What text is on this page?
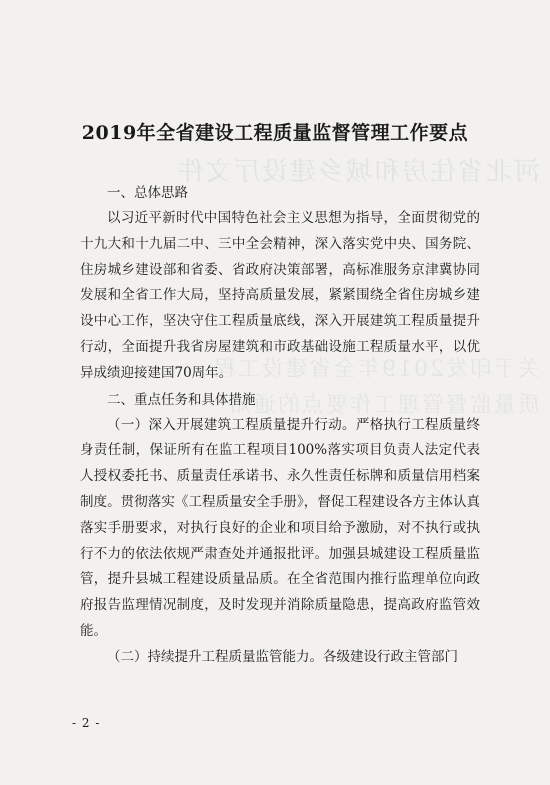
河北省住房和城乡建设厅文件
关于印发2019年全省建设工程
质量监督管理工作要点的通知
2019年全省建设工程质量监督管理工作要点
一、总体思路

以习近平新时代中国特色社会主义思想为指导，全面贯彻党的十九大和十九届二中、三中全会精神，深入落实党中央、国务院、住房城乡建设部和省委、省政府决策部署，高标准服务京津冀协同发展和全省工作大局，坚持高质量发展，紧紧围绕全省住房城乡建设中心工作，坚决守住工程质量底线，深入开展建筑工程质量提升行动，全面提升我省房屋建筑和市政基础设施工程质量水平，以优异成绩迎接建国70周年。

二、重点任务和具体措施

（一）深入开展建筑工程质量提升行动。严格执行工程质量终身责任制，保证所有在监工程项目100%落实项目负责人法定代表人授权委托书、质量责任承诺书、永久性责任标牌和质量信用档案制度。贯彻落实《工程质量安全手册》，督促工程建设各方主体认真落实手册要求，对执行良好的企业和项目给予激励，对不执行或执行不力的依法依规严肃查处并通报批评。加强县城建设工程质量监管，提升县城工程建设质量品质。在全省范围内推行监理单位向政府报告监理情况制度，及时发现并消除质量隐患，提高政府监管效能。

（二）持续提升工程质量监管能力。各级建设行政主管部门

- 2 -
